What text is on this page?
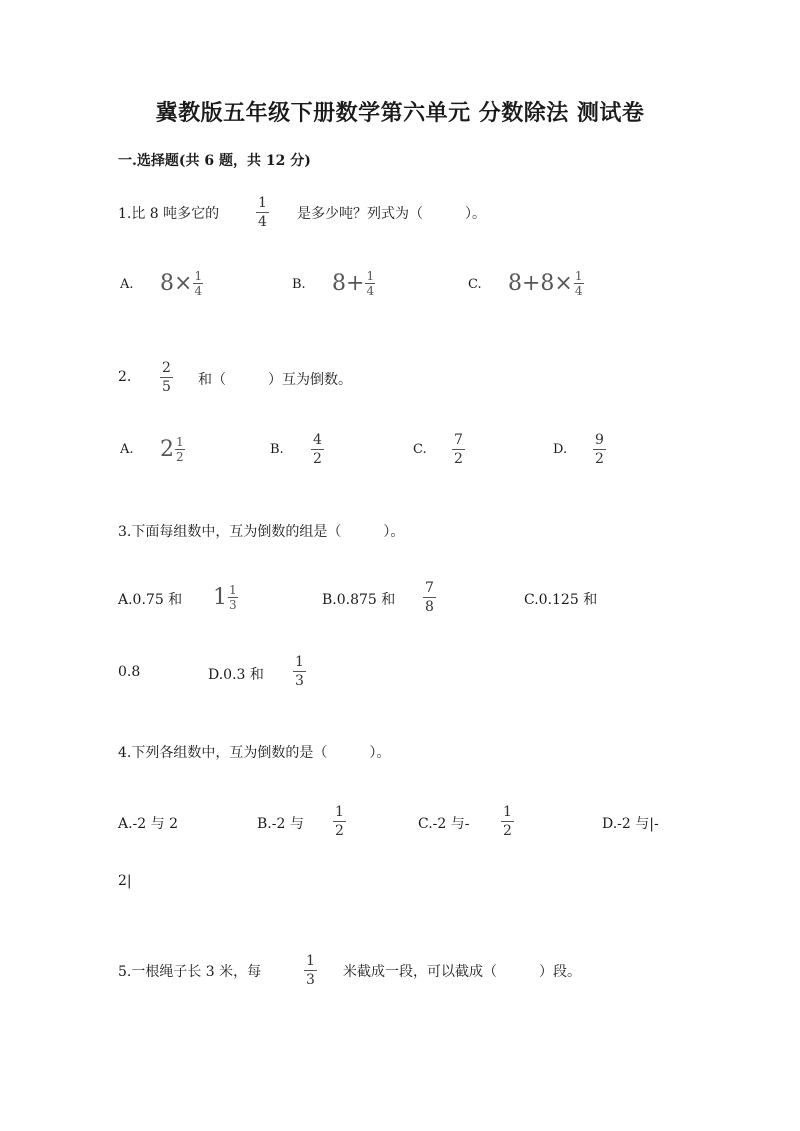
冀教版五年级下册数学第六单元 分数除法 测试卷
一.选择题(共 6 题，共 12 分)
1.比 8 吨多它的	$\frac{1}{4}$ 是多少吨？列式为（　　　）。
A. $8\times \frac{1}{4}$	B. $8+ \frac{1}{4}$	C. $8+8\times \frac{1}{4}$
2. $\frac{2}{5}$ 和（　　　）互为倒数。
A. $2 \frac{1}{2}$	B. $\frac{4}{2}$	C. $\frac{7}{2}$	D. $\frac{9}{2}$
3.下面每组数中，互为倒数的组是（　　　）。
A.0.75 和 $1 \frac{1}{3}$	B.0.875 和 $\frac{7}{8}$	C.0.125 和
0.8	D.0.3 和 $\frac{1}{3}$
4.下列各组数中，互为倒数的是（　　　）。
A.-2 与 2	B.-2 与 $\frac{1}{2}$	C.-2 与- $\frac{1}{2}$	D.-2 与|-
2|
5.一根绳子长 3 米，每	$\frac{1}{3}$ 米截成一段，可以截成（　　　）段。
